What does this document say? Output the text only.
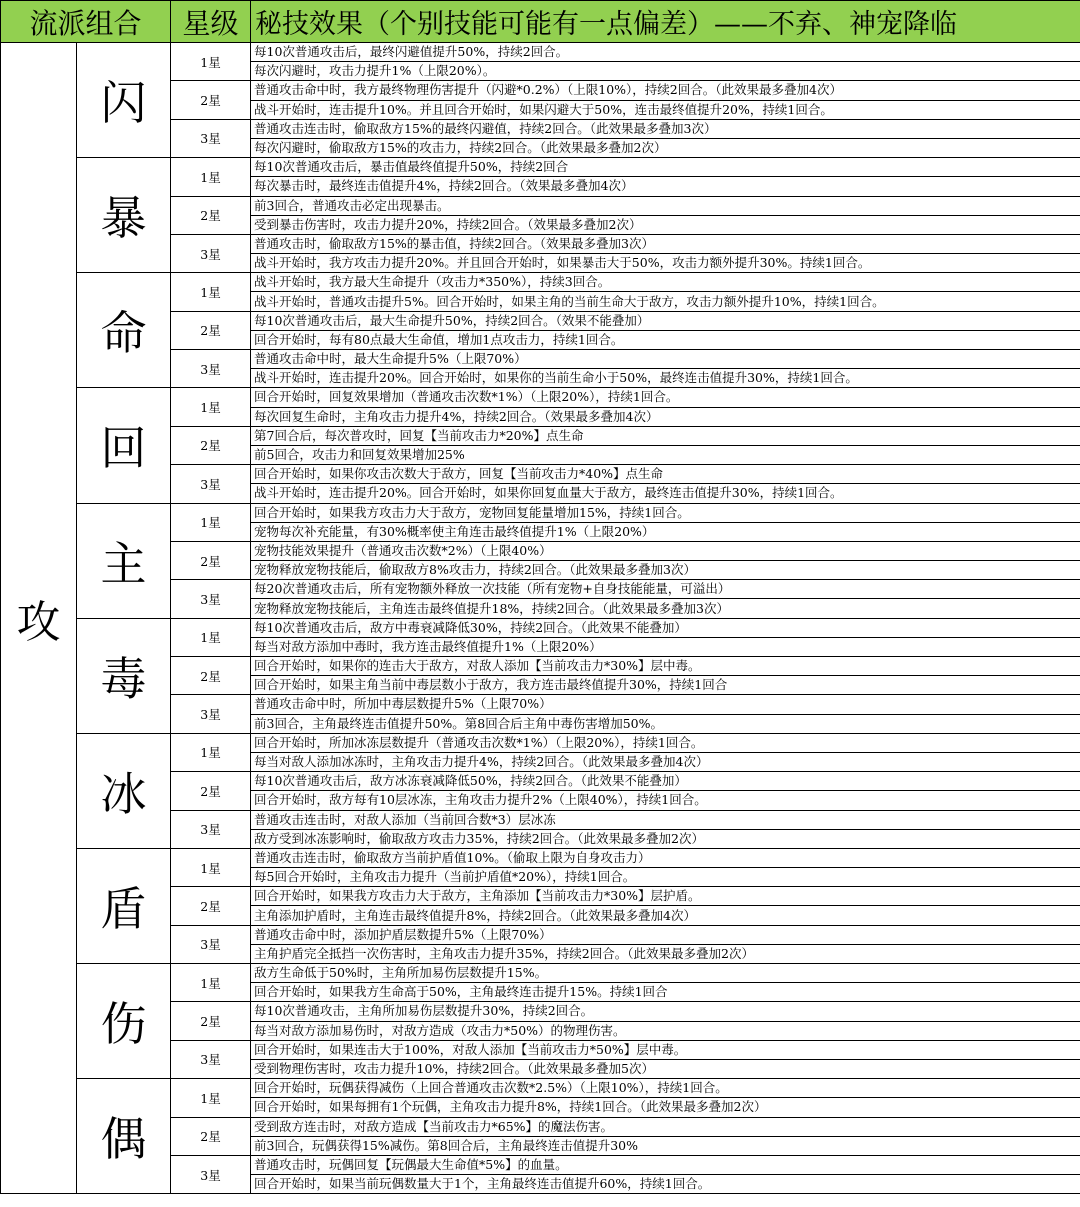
流派组合		星级	秘技效果（个别技能可能有一点偏差）——不弃、神宠降临
攻	闪	1星	每10次普通攻击后，最终闪避值提升50%，持续2回合。
			每次闪避时，攻击力提升1%（上限20%）。
		2星	普通攻击命中时，我方最终物理伤害提升（闪避*0.2%）（上限10%），持续2回合。（此效果最多叠加4次）
			战斗开始时，连击提升10%。并且回合开始时，如果闪避大于50%，连击最终值提升20%，持续1回合。
		3星	普通攻击连击时，偷取敌方15%的最终闪避值，持续2回合。（此效果最多叠加3次）
			每次闪避时，偷取敌方15%的攻击力，持续2回合。（此效果最多叠加2次）
	暴	1星	每10次普通攻击后，暴击值最终值提升50%，持续2回合
			每次暴击时，最终连击值提升4%，持续2回合。（效果最多叠加4次）
		2星	前3回合，普通攻击必定出现暴击。
			受到暴击伤害时，攻击力提升20%，持续2回合。（效果最多叠加2次）
		3星	普通攻击时，偷取敌方15%的暴击值，持续2回合。（效果最多叠加3次）
			战斗开始时，我方攻击力提升20%。并且回合开始时，如果暴击大于50%，攻击力额外提升30%。持续1回合。
	命	1星	战斗开始时，我方最大生命提升（攻击力*350%），持续3回合。
			战斗开始时，普通攻击提升5%。回合开始时，如果主角的当前生命大于敌方，攻击力额外提升10%，持续1回合。
		2星	每10次普通攻击后，最大生命提升50%，持续2回合。（效果不能叠加）
			回合开始时，每有80点最大生命值，增加1点攻击力，持续1回合。
		3星	普通攻击命中时，最大生命提升5%（上限70%）
			战斗开始时，连击提升20%。回合开始时，如果你的当前生命小于50%，最终连击值提升30%，持续1回合。
	回	1星	回合开始时，回复效果增加（普通攻击次数*1%）（上限20%），持续1回合。
			每次回复生命时，主角攻击力提升4%，持续2回合。（效果最多叠加4次）
		2星	第7回合后，每次普攻时，回复【当前攻击力*20%】点生命
			前5回合，攻击力和回复效果增加25%
		3星	回合开始时，如果你攻击次数大于敌方，回复【当前攻击力*40%】点生命
			战斗开始时，连击提升20%。回合开始时，如果你回复血量大于敌方，最终连击值提升30%，持续1回合。
	主	1星	回合开始时，如果我方攻击力大于敌方，宠物回复能量增加15%，持续1回合。
			宠物每次补充能量，有30%概率使主角连击最终值提升1%（上限20%）
		2星	宠物技能效果提升（普通攻击次数*2%）（上限40%）
			宠物释放宠物技能后，偷取敌方8%攻击力，持续2回合。（此效果最多叠加3次）
		3星	每20次普通攻击后，所有宠物额外释放一次技能（所有宠物+自身技能能量，可溢出）
			宠物释放宠物技能后，主角连击最终值提升18%，持续2回合。（此效果最多叠加3次）
	毒	1星	每10次普通攻击后，敌方中毒衰减降低30%，持续2回合。（此效果不能叠加）
			每当对敌方添加中毒时，我方连击最终值提升1%（上限20%）
		2星	回合开始时，如果你的连击大于敌方，对敌人添加【当前攻击力*30%】层中毒。
			回合开始时，如果主角当前中毒层数小于敌方，我方连击最终值提升30%，持续1回合
		3星	普通攻击命中时，所加中毒层数提升5%（上限70%）
			前3回合，主角最终连击值提升50%。第8回合后主角中毒伤害增加50%。
	冰	1星	回合开始时，所加冰冻层数提升（普通攻击次数*1%）（上限20%），持续1回合。
			每当对敌人添加冰冻时，主角攻击力提升4%，持续2回合。（此效果最多叠加4次）
		2星	每10次普通攻击后，敌方冰冻衰减降低50%，持续2回合。（此效果不能叠加）
			回合开始时，敌方每有10层冰冻，主角攻击力提升2%（上限40%），持续1回合。
		3星	普通攻击连击时，对敌人添加（当前回合数*3）层冰冻
			敌方受到冰冻影响时，偷取敌方攻击力35%，持续2回合。（此效果最多叠加2次）
	盾	1星	普通攻击连击时，偷取敌方当前护盾值10%。（偷取上限为自身攻击力）
			每5回合开始时，主角攻击力提升（当前护盾值*20%），持续1回合。
		2星	回合开始时，如果我方攻击力大于敌方，主角添加【当前攻击力*30%】层护盾。
			主角添加护盾时，主角连击最终值提升8%，持续2回合。（此效果最多叠加4次）
		3星	普通攻击命中时，添加护盾层数提升5%（上限70%）
			主角护盾完全抵挡一次伤害时，主角攻击力提升35%，持续2回合。（此效果最多叠加2次）
	伤	1星	敌方生命低于50%时，主角所加易伤层数提升15%。
			回合开始时，如果我方生命高于50%，主角最终连击提升15%。持续1回合
		2星	每10次普通攻击，主角所加易伤层数提升30%，持续2回合。
			每当对敌方添加易伤时，对敌方造成（攻击力*50%）的物理伤害。
		3星	回合开始时，如果连击大于100%，对敌人添加【当前攻击力*50%】层中毒。
			受到物理伤害时，攻击力提升10%，持续2回合。（此效果最多叠加5次）
	偶	1星	回合开始时，玩偶获得减伤（上回合普通攻击次数*2.5%）（上限10%），持续1回合。
			回合开始时，如果每拥有1个玩偶，主角攻击力提升8%，持续1回合。（此效果最多叠加2次）
		2星	受到敌方连击时，对敌方造成【当前攻击力*65%】的魔法伤害。
			前3回合，玩偶获得15%减伤。第8回合后，主角最终连击值提升30%
		3星	普通攻击时，玩偶回复【玩偶最大生命值*5%】的血量。
			回合开始时，如果当前玩偶数量大于1个，主角最终连击值提升60%，持续1回合。
